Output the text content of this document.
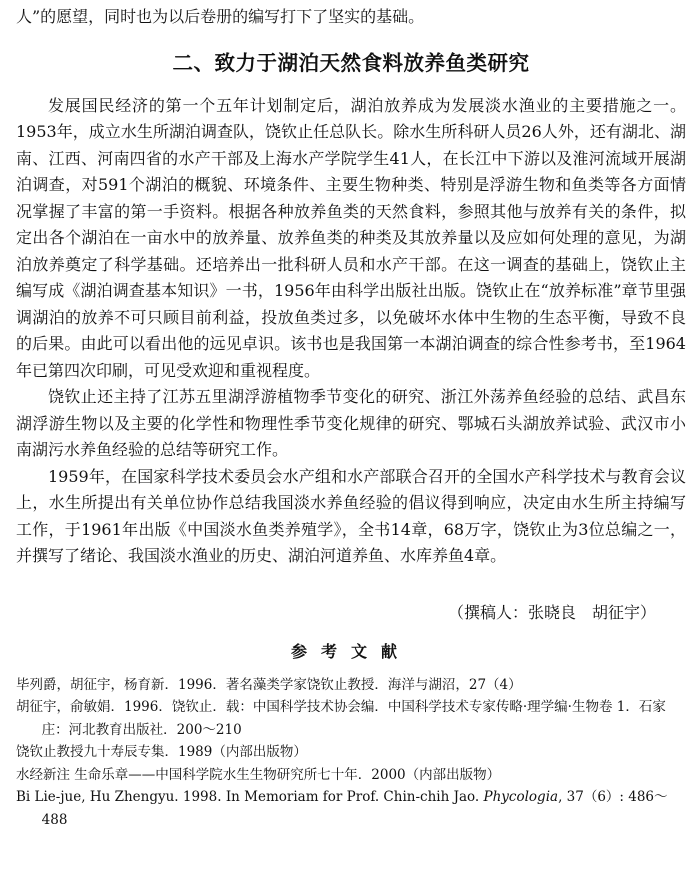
人”的愿望，同时也为以后卷册的编写打下了坚实的基础。

二、致力于湖泊天然食料放养鱼类研究

发展国民经济的第一个五年计划制定后，湖泊放养成为发展淡水渔业的主要措施之一。1953年，成立水生所湖泊调查队，饶钦止任总队长。除水生所科研人员26人外，还有湖北、湖南、江西、河南四省的水产干部及上海水产学院学生41人，在长江中下游以及淮河流域开展湖泊调查，对591个湖泊的概貌、环境条件、主要生物种类、特别是浮游生物和鱼类等各方面情况掌握了丰富的第一手资料。根据各种放养鱼类的天然食料，参照其他与放养有关的条件，拟定出各个湖泊在一亩水中的放养量、放养鱼类的种类及其放养量以及应如何处理的意见，为湖泊放养奠定了科学基础。还培养出一批科研人员和水产干部。在这一调查的基础上，饶钦止主编写成《湖泊调查基本知识》一书，1956年由科学出版社出版。饶钦止在“放养标准”章节里强调湖泊的放养不可只顾目前利益，投放鱼类过多，以免破坏水体中生物的生态平衡，导致不良的后果。由此可以看出他的远见卓识。该书也是我国第一本湖泊调查的综合性参考书，至1964年已第四次印刷，可见受欢迎和重视程度。

饶钦止还主持了江苏五里湖浮游植物季节变化的研究、浙江外荡养鱼经验的总结、武昌东湖浮游生物以及主要的化学性和物理性季节变化规律的研究、鄂城石头湖放养试验、武汉市小南湖污水养鱼经验的总结等研究工作。

1959年，在国家科学技术委员会水产组和水产部联合召开的全国水产科学技术与教育会议上，水生所提出有关单位协作总结我国淡水养鱼经验的倡议得到响应，决定由水生所主持编写工作，于1961年出版《中国淡水鱼类养殖学》，全书14章，68万字，饶钦止为3位总编之一，并撰写了绪论、我国淡水渔业的历史、湖泊河道养鱼、水库养鱼4章。

（撰稿人：张晓良　胡征宇）
参考文献
毕列爵，胡征宇，杨育新．1996．著名藻类学家饶钦止教授．海洋与湖沼，27（4）
胡征宇，俞敏娟．1996．饶钦止．载：中国科学技术协会编．中国科学技术专家传略·理学编·生物卷 1．石家庄：河北教育出版社．200～210
饶钦止教授九十寿辰专集．1989（内部出版物）
水经新注 生命乐章——中国科学院水生生物研究所七十年．2000（内部出版物）
Bi Lie-jue, Hu Zhengyu. 1998. In Memoriam for Prof. Chin-chih Jao. Phycologia, 37（6）: 486～488
